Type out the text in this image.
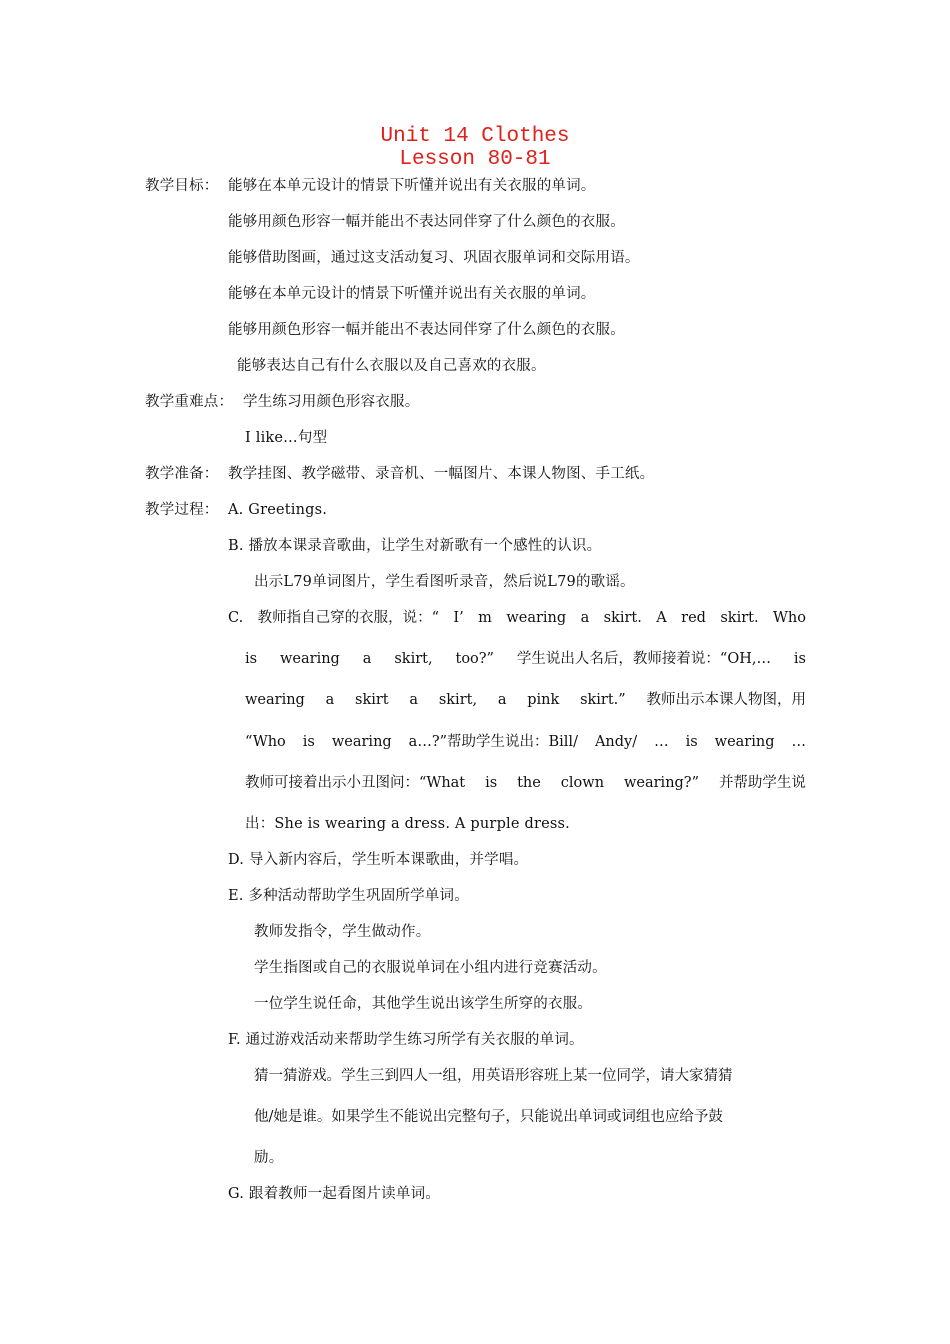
Unit 14 Clothes
Lesson 80-81
教学目标： 能够在本单元设计的情景下听懂并说出有关衣服的单词。
能够用颜色形容一幅并能出不表达同伴穿了什么颜色的衣服。
能够借助图画，通过这支活动复习、巩固衣服单词和交际用语。
能够在本单元设计的情景下听懂并说出有关衣服的单词。
能够用颜色形容一幅并能出不表达同伴穿了什么颜色的衣服。
能够表达自己有什么衣服以及自己喜欢的衣服。
教学重难点： 学生练习用颜色形容衣服。
I like…句型
教学准备： 教学挂图、教学磁带、录音机、一幅图片、本课人物图、手工纸。
教学过程： A. Greetings.
B. 播放本课录音歌曲，让学生对新歌有一个感性的认识。
出示L79单词图片，学生看图听录音，然后说L79的歌谣。
C. 教师指自己穿的衣服，说：“ I’ m wearing a skirt. A red skirt. Who
is wearing a skirt, too?” 学生说出人名后，教师接着说：“OH,… is
wearing a skirt a skirt, a pink skirt.” 教师出示本课人物图，用
“Who is wearing a…?”帮助学生说出：Bill/ Andy/ … is wearing …
教师可接着出示小丑图问：“What is the clown wearing?” 并帮助学生说
出：She is wearing a dress. A purple dress.
D. 导入新内容后，学生听本课歌曲，并学唱。
E. 多种活动帮助学生巩固所学单词。
教师发指令，学生做动作。
学生指图或自己的衣服说单词在小组内进行竞赛活动。
一位学生说任命，其他学生说出该学生所穿的衣服。
F. 通过游戏活动来帮助学生练习所学有关衣服的单词。
猜一猜游戏。学生三到四人一组，用英语形容班上某一位同学，请大家猜猜
他/她是谁。如果学生不能说出完整句子，只能说出单词或词组也应给予鼓
励。
G. 跟着教师一起看图片读单词。
